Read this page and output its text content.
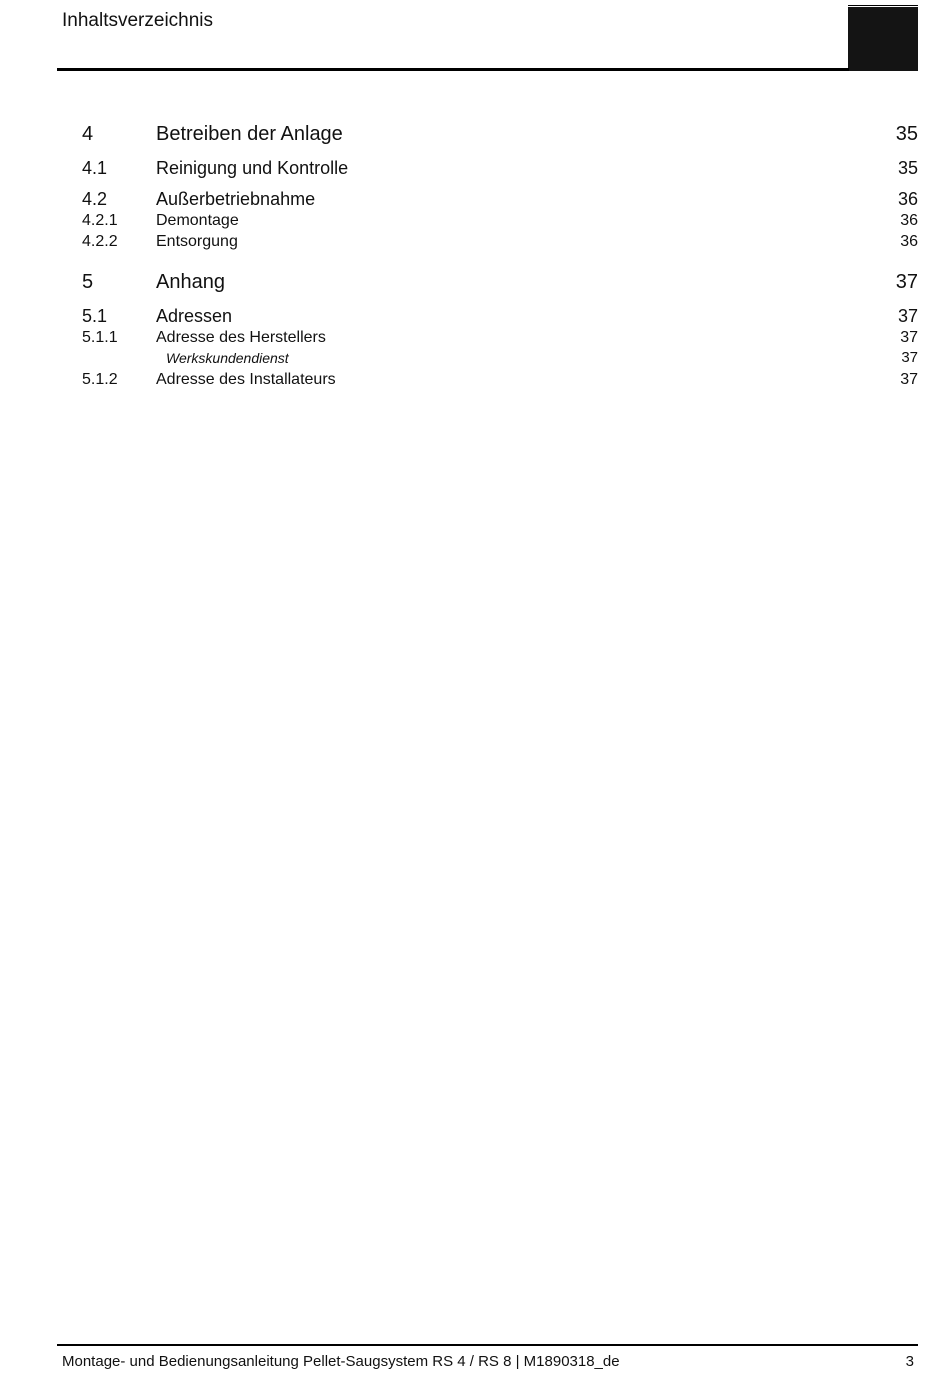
Inhaltsverzeichnis
4	Betreiben der Anlage	35
4.1	Reinigung und Kontrolle	35
4.2	Außerbetriebnahme	36
4.2.1 Demontage	36
4.2.2 Entsorgung	36
5	Anhang	37
5.1	Adressen	37
5.1.1 Adresse des Herstellers	37
Werkskundendienst	37
5.1.2 Adresse des Installateurs	37
Montage- und Bedienungsanleitung Pellet-Saugsystem RS 4 / RS 8 | M1890318_de	3
